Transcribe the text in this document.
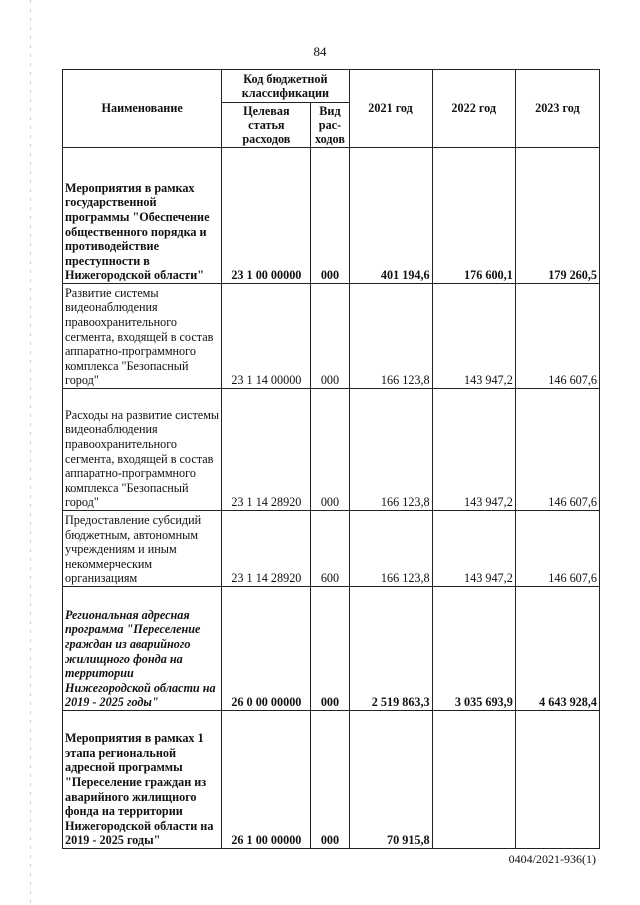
84
Наименование	Код бюджетной классификации		2021 год	2022 год	2023 год
	Целевая статья расходов	Вид рас-ходов			
Мероприятия в рамках государственной программы "Обеспечение общественного порядка и противодействие преступности в Нижегородской области"	23 1 00 00000	000	401 194,6	176 600,1	179 260,5
Развитие системы видеонаблюдения правоохранительного сегмента, входящей в состав аппаратно-программного комплекса "Безопасный город"	23 1 14 00000	000	166 123,8	143 947,2	146 607,6
Расходы на развитие системы видеонаблюдения правоохранительного сегмента, входящей в состав аппаратно-программного комплекса "Безопасный город"	23 1 14 28920	000	166 123,8	143 947,2	146 607,6
Предоставление субсидий бюджетным, автономным учреждениям и иным некоммерческим организациям	23 1 14 28920	600	166 123,8	143 947,2	146 607,6
Региональная адресная программа "Переселение граждан из аварийного жилищного фонда на территории Нижегородской области на 2019 - 2025 годы"	26 0 00 00000	000	2 519 863,3	3 035 693,9	4 643 928,4
Мероприятия в рамках 1 этапа региональной адресной программы "Переселение граждан из аварийного жилищного фонда на территории Нижегородской области на 2019 - 2025 годы"	26 1 00 00000	000	70 915,8		
0404/2021-936(1)
